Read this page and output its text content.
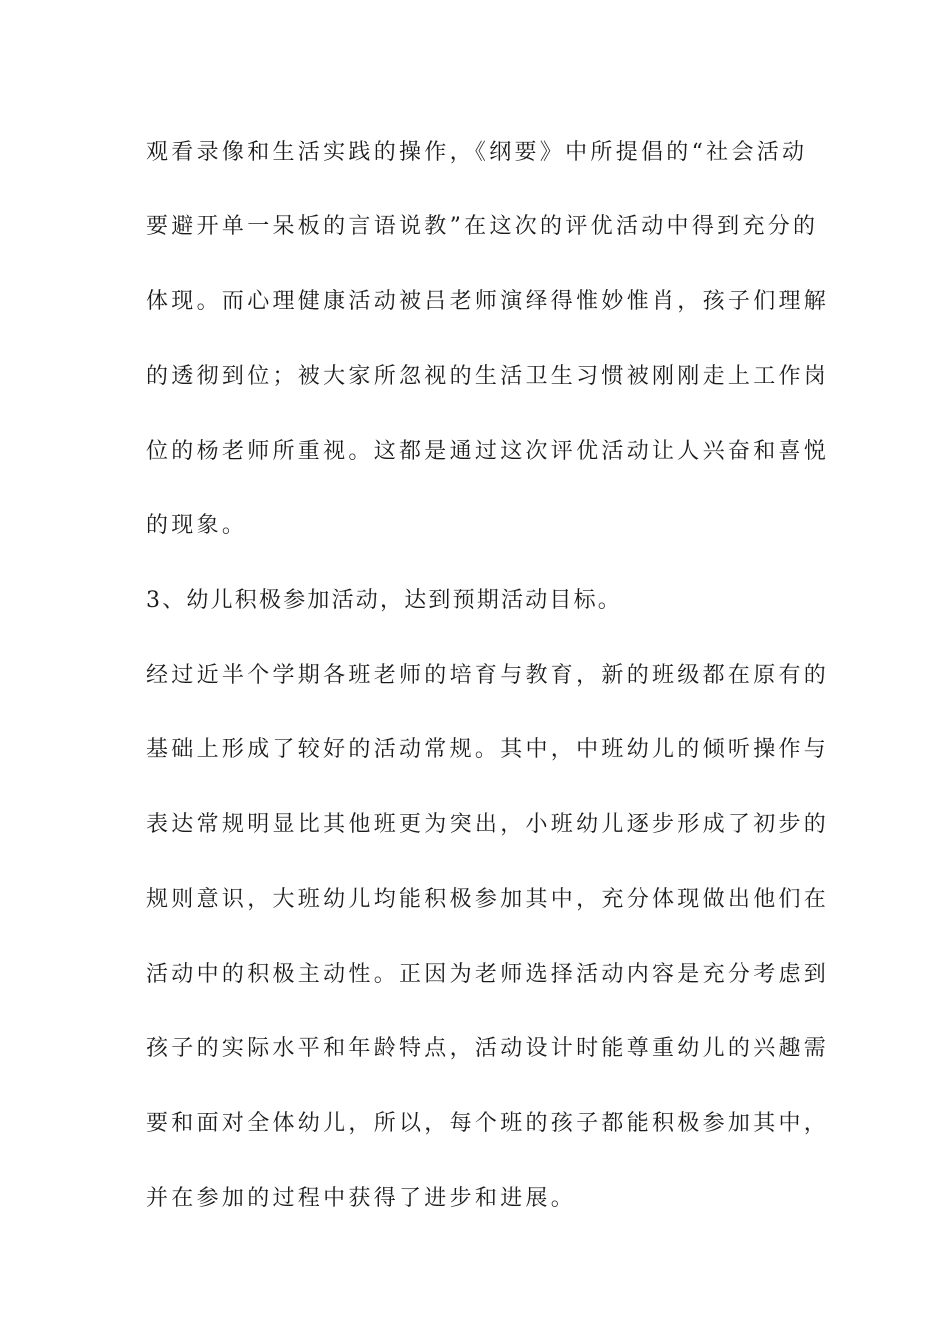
观看录像和生活实践的操作，《纲要》中所提倡的“社会活动
要避开单一呆板的言语说教”在这次的评优活动中得到充分的
体现。而心理健康活动被吕老师演绎得惟妙惟肖，孩子们理解
的透彻到位；被大家所忽视的生活卫生习惯被刚刚走上工作岗
位的杨老师所重视。这都是通过这次评优活动让人兴奋和喜悦
的现象。
3、幼儿积极参加活动，达到预期活动目标。
经过近半个学期各班老师的培育与教育，新的班级都在原有的
基础上形成了较好的活动常规。其中，中班幼儿的倾听操作与
表达常规明显比其他班更为突出，小班幼儿逐步形成了初步的
规则意识，大班幼儿均能积极参加其中，充分体现做出他们在
活动中的积极主动性。正因为老师选择活动内容是充分考虑到
孩子的实际水平和年龄特点，活动设计时能尊重幼儿的兴趣需
要和面对全体幼儿，所以，每个班的孩子都能积极参加其中，
并在参加的过程中获得了进步和进展。
